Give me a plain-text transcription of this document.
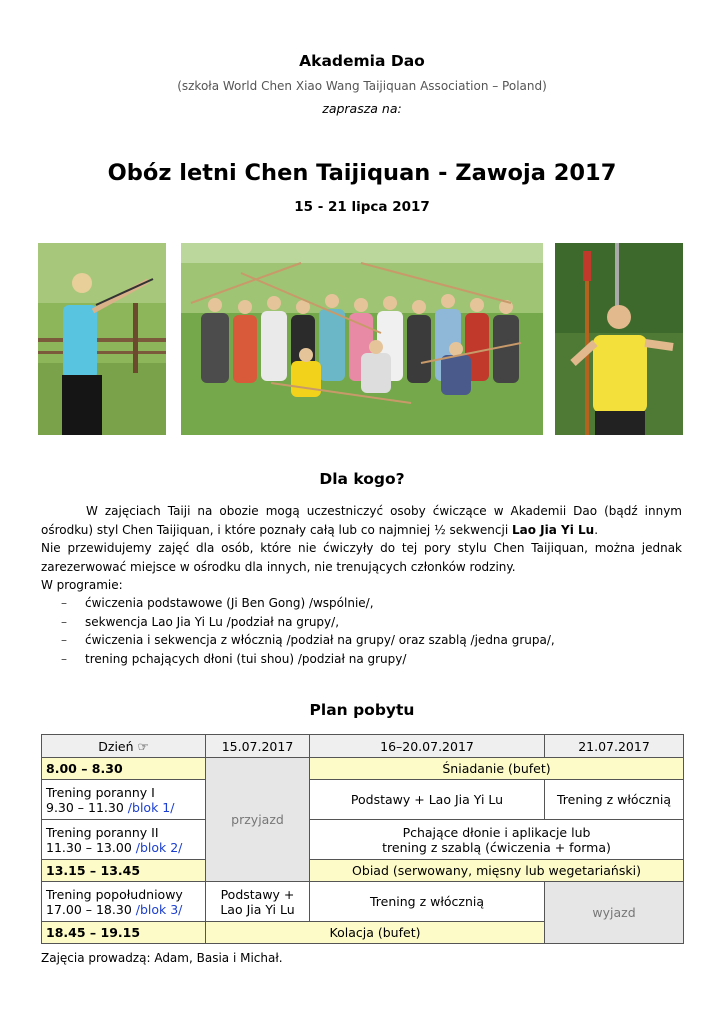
Akademia Dao
(szkoła World Chen Xiao Wang Taijiquan Association – Poland)
zaprasza na:
Obóz letni Chen Taijiquan - Zawoja 2017
15 - 21 lipca 2017
Dla kogo?

W zajęciach Taiji na obozie mogą uczestniczyć osoby ćwiczące w Akademii Dao (bądź innym ośrodku) styl Chen Taijiquan, i które poznały całą lub co najmniej ½ sekwencji Lao Jia Yi Lu.

Nie przewidujemy zajęć dla osób, które nie ćwiczyły do tej pory stylu Chen Taijiquan, można jednak zarezerwować miejsce w ośrodku dla innych, nie trenujących członków rodziny.

W programie:

– ćwiczenia podstawowe (Ji Ben Gong) /wspólnie/,
– sekwencja Lao Jia Yi Lu /podział na grupy/,
– ćwiczenia i sekwencja z włócznią /podział na grupy/ oraz szablą /jedna grupa/,
– trening pchających dłoni (tui shou) /podział na grupy/
Plan pobytu
Dzień ☞	15.07.2017	16–20.07.2017	21.07.2017
8.00 – 8.30	przyjazd	Śniadanie (bufet)	
Trening poranny I
9.30 – 11.30 /blok 1/		Podstawy + Lao Jia Yi Lu	Trening z włócznią
Trening poranny II
11.30 – 13.00 /blok 2/		Pchające dłonie i aplikacje lub
trening z szablą (ćwiczenia + forma)	
13.15 – 13.45		Obiad (serwowany, mięsny lub wegetariański)	
Trening popołudniowy
17.00 – 18.30 /blok 3/	Podstawy +
Lao Jia Yi Lu	Trening z włócznią	wyjazd
18.45 – 19.15	Kolacja (bufet)		
Zajęcia prowadzą: Adam, Basia i Michał.
